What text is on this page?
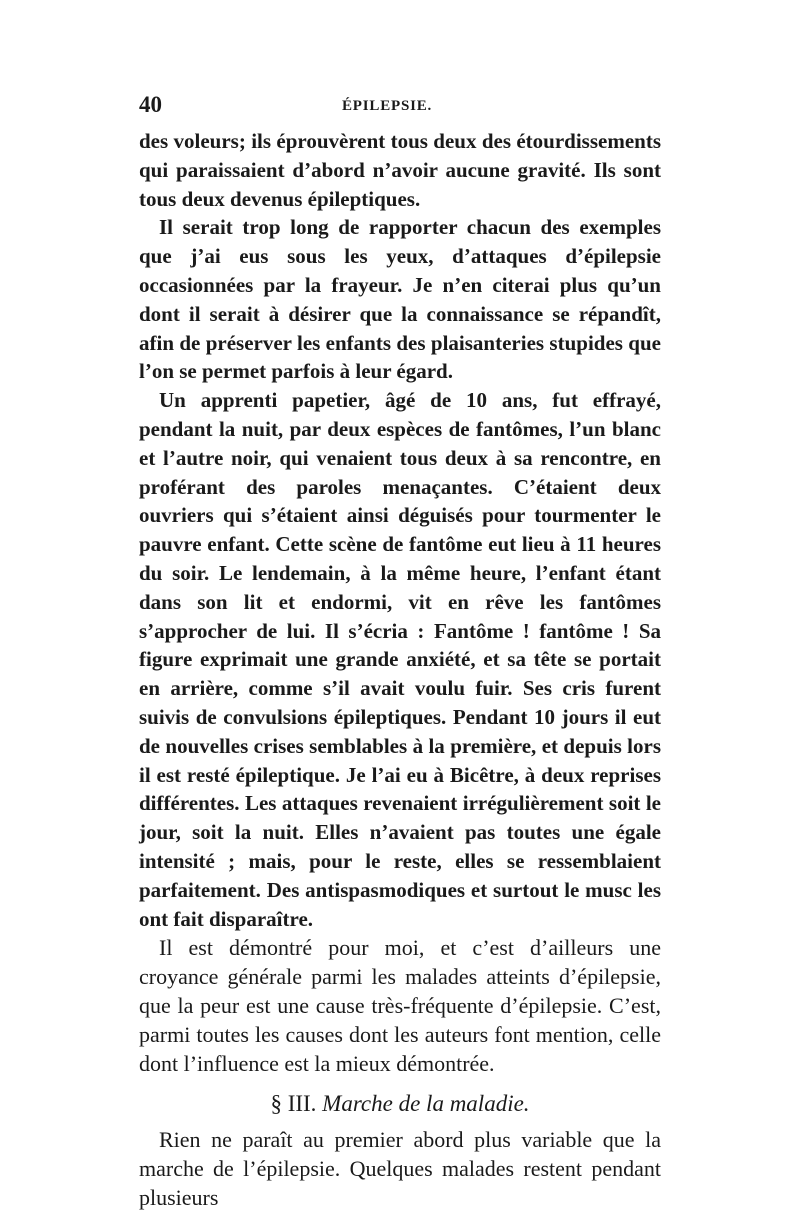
40	ÉPILEPSIE.

des voleurs; ils éprouvèrent tous deux des étourdissements qui paraissaient d’abord n’avoir aucune gravité. Ils sont tous deux devenus épileptiques.

Il serait trop long de rapporter chacun des exemples que j’ai eus sous les yeux, d’attaques d’épilepsie occasionnées par la frayeur. Je n’en citerai plus qu’un dont il serait à désirer que la connaissance se répandît, afin de préserver les enfants des plaisanteries stupides que l’on se permet parfois à leur égard.

Un apprenti papetier, âgé de 10 ans, fut effrayé, pendant la nuit, par deux espèces de fantômes, l’un blanc et l’autre noir, qui venaient tous deux à sa rencontre, en proférant des paroles menaçantes. C’étaient deux ouvriers qui s’étaient ainsi déguisés pour tourmenter le pauvre enfant. Cette scène de fantôme eut lieu à 11 heures du soir. Le lendemain, à la même heure, l’enfant étant dans son lit et endormi, vit en rêve les fantômes s’approcher de lui. Il s’écria : Fantôme ! fantôme ! Sa figure exprimait une grande anxiété, et sa tête se portait en arrière, comme s’il avait voulu fuir. Ses cris furent suivis de convulsions épileptiques. Pendant 10 jours il eut de nouvelles crises semblables à la première, et depuis lors il est resté épileptique. Je l’ai eu à Bicêtre, à deux reprises différentes. Les attaques revenaient irrégulièrement soit le jour, soit la nuit. Elles n’avaient pas toutes une égale intensité ; mais, pour le reste, elles se ressemblaient parfaitement. Des antispasmodiques et surtout le musc les ont fait disparaître.

Il est démontré pour moi, et c’est d’ailleurs une croyance générale parmi les malades atteints d’épilepsie, que la peur est une cause très-fréquente d’épilepsie. C’est, parmi toutes les causes dont les auteurs font mention, celle dont l’influence est la mieux démontrée.

§ III. Marche de la maladie.

Rien ne paraît au premier abord plus variable que la marche de l’épilepsie. Quelques malades restent pendant plusieurs
